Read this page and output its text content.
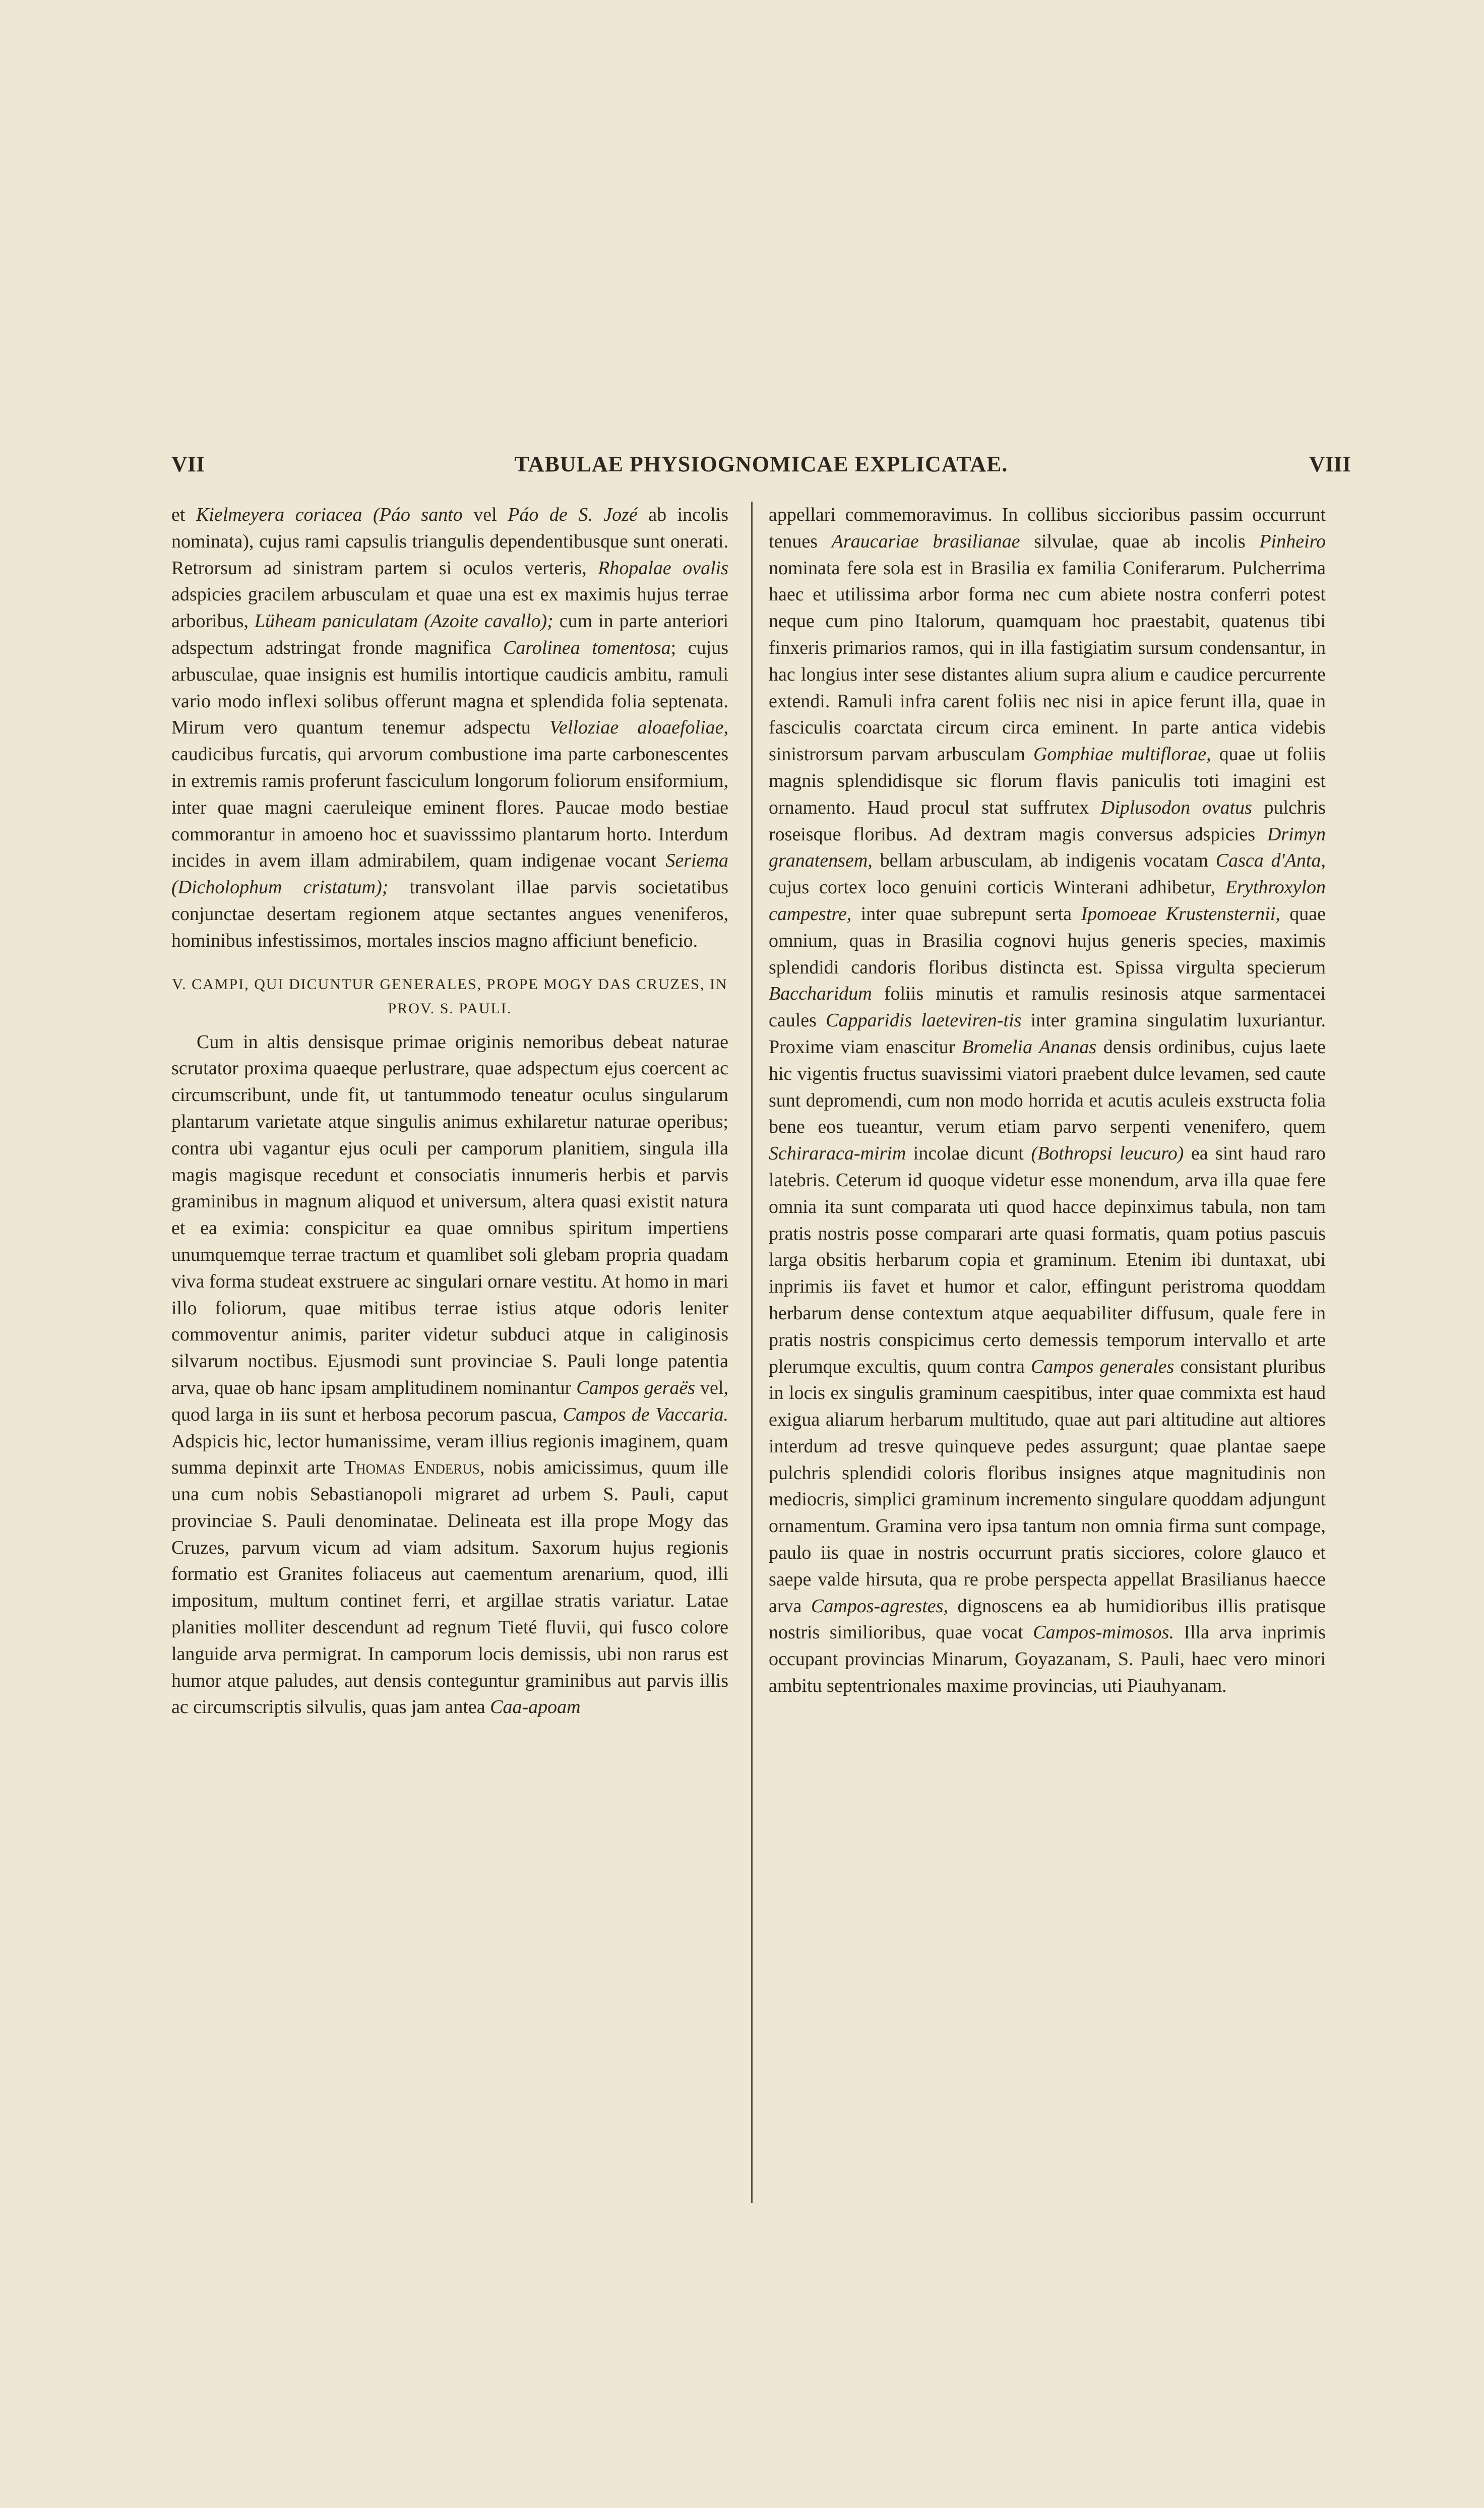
VII	TABULAE PHYSIOGNOMICAE EXPLICATAE.	VIII

et Kielmeyera coriacea (Páo santo vel Páo de S. Jozé ab incolis nominata), cujus rami capsulis triangulis dependentibusque sunt onerati. Retrorsum ad sinistram partem si oculos verteris, Rhopalae ovalis adspicies gracilem arbusculam et quae una est ex maximis hujus terrae arboribus, Lüheam paniculatam (Azoite cavallo); cum in parte anteriori adspectum adstringat fronde magnifica Carolinea tomentosa; cujus arbusculae, quae insignis est humilis intortique caudicis ambitu, ramuli vario modo inflexi solibus offerunt magna et splendida folia septenata. Mirum vero quantum tenemur adspectu Velloziae aloaefoliae, caudicibus furcatis, qui arvorum combustione ima parte carbonescentes in extremis ramis proferunt fasciculum longorum foliorum ensiformium, inter quae magni caeruleique eminent flores. Paucae modo bestiae commorantur in amoeno hoc et suavisssimo plantarum horto. Interdum incides in avem illam admirabilem, quam indigenae vocant Seriema (Dicholophum cristatum); transvolant illae parvis societatibus conjunctae desertam regionem atque sectantes angues veneniferos, hominibus infestissimos, mortales inscios magno afficiunt beneficio.

V. CAMPI, QUI DICUNTUR GENERALES, PROPE MOGY DAS CRUZES, IN PROV. S. PAULI.

Cum in altis densisque primae originis nemoribus debeat naturae scrutator proxima quaeque perlustrare, quae adspectum ejus coercent ac circumscribunt, unde fit, ut tantummodo teneatur oculus singularum plantarum varietate atque singulis animus exhilaretur naturae operibus; contra ubi vagantur ejus oculi per camporum planitiem, singula illa magis magisque recedunt et consociatis innumeris herbis et parvis graminibus in magnum aliquod et universum, altera quasi existit natura et ea eximia: conspicitur ea quae omnibus spiritum impertiens unumquemque terrae tractum et quamlibet soli glebam propria quadam viva forma studeat exstruere ac singulari ornare vestitu. At homo in mari illo foliorum, quae mitibus terrae istius atque odoris leniter commoventur animis, pariter videtur subduci atque in caliginosis silvarum noctibus. Ejusmodi sunt provinciae S. Pauli longe patentia arva, quae ob hanc ipsam amplitudinem nominantur Campos geraës vel, quod larga in iis sunt et herbosa pecorum pascua, Campos de Vaccaria. Adspicis hic, lector humanissime, veram illius regionis imaginem, quam summa depinxit arte Thomas Enderus, nobis amicissimus, quum ille una cum nobis Sebastianopoli migraret ad urbem S. Pauli, caput provinciae S. Pauli denominatae. Delineata est illa prope Mogy das Cruzes, parvum vicum ad viam adsitum. Saxorum hujus regionis formatio est Granites foliaceus aut caementum arenarium, quod, illi impositum, multum continet ferri, et argillae stratis variatur. Latae planities molliter descendunt ad regnum Tieté fluvii, qui fusco colore languide arva permigrat. In camporum locis demissis, ubi non rarus est humor atque paludes, aut densis conteguntur graminibus aut parvis illis ac circumscriptis silvulis, quas jam antea Caa-apoam

appellari commemoravimus. In collibus siccioribus passim occurrunt tenues Araucariae brasilianae silvulae, quae ab incolis Pinheiro nominata fere sola est in Brasilia ex familia Coniferarum. Pulcherrima haec et utilissima arbor forma nec cum abiete nostra conferri potest neque cum pino Italorum, quamquam hoc praestabit, quatenus tibi finxeris primarios ramos, qui in illa fastigiatim sursum condensantur, in hac longius inter sese distantes alium supra alium e caudice percurrente extendi. Ramuli infra carent foliis nec nisi in apice ferunt illa, quae in fasciculis coarctata circum circa eminent. In parte antica videbis sinistrorsum parvam arbusculam Gomphiae multiflorae, quae ut foliis magnis splendidisque sic florum flavis paniculis toti imagini est ornamento. Haud procul stat suffrutex Diplusodon ovatus pulchris roseisque floribus. Ad dextram magis conversus adspicies Drimyn granatensem, bellam arbusculam, ab indigenis vocatam Casca d'Anta, cujus cortex loco genuini corticis Winterani adhibetur, Erythroxylon campestre, inter quae subrepunt serta Ipomoeae Krustensternii, quae omnium, quas in Brasilia cognovi hujus generis species, maximis splendidi candoris floribus distincta est. Spissa virgulta specierum Baccharidum foliis minutis et ramulis resinosis atque sarmentacei caules Capparidis laeteviren-tis inter gramina singulatim luxuriantur. Proxime viam enascitur Bromelia Ananas densis ordinibus, cujus laete hic vigentis fructus suavissimi viatori praebent dulce levamen, sed caute sunt depromendi, cum non modo horrida et acutis aculeis exstructa folia bene eos tueantur, verum etiam parvo serpenti venenifero, quem Schiraraca-mirim incolae dicunt (Bothropsi leucuro) ea sint haud raro latebris. Ceterum id quoque videtur esse monendum, arva illa quae fere omnia ita sunt comparata uti quod hacce depinximus tabula, non tam pratis nostris posse comparari arte quasi formatis, quam potius pascuis larga obsitis herbarum copia et graminum. Etenim ibi duntaxat, ubi inprimis iis favet et humor et calor, effingunt peristroma quoddam herbarum dense contextum atque aequabiliter diffusum, quale fere in pratis nostris conspicimus certo demessis temporum intervallo et arte plerumque excultis, quum contra Campos generales consistant pluribus in locis ex singulis graminum caespitibus, inter quae commixta est haud exigua aliarum herbarum multitudo, quae aut pari altitudine aut altiores interdum ad tresve quinqueve pedes assurgunt; quae plantae saepe pulchris splendidi coloris floribus insignes atque magnitudinis non mediocris, simplici graminum incremento singulare quoddam adjungunt ornamentum. Gramina vero ipsa tantum non omnia firma sunt compage, paulo iis quae in nostris occurrunt pratis sicciores, colore glauco et saepe valde hirsuta, qua re probe perspecta appellat Brasilianus haecce arva Campos-agrestes, dignoscens ea ab humidioribus illis pratisque nostris similioribus, quae vocat Campos-mimosos. Illa arva inprimis occupant provincias Minarum, Goyazanam, S. Pauli, haec vero minori ambitu septentrionales maxime provincias, uti Piauhyanam.
